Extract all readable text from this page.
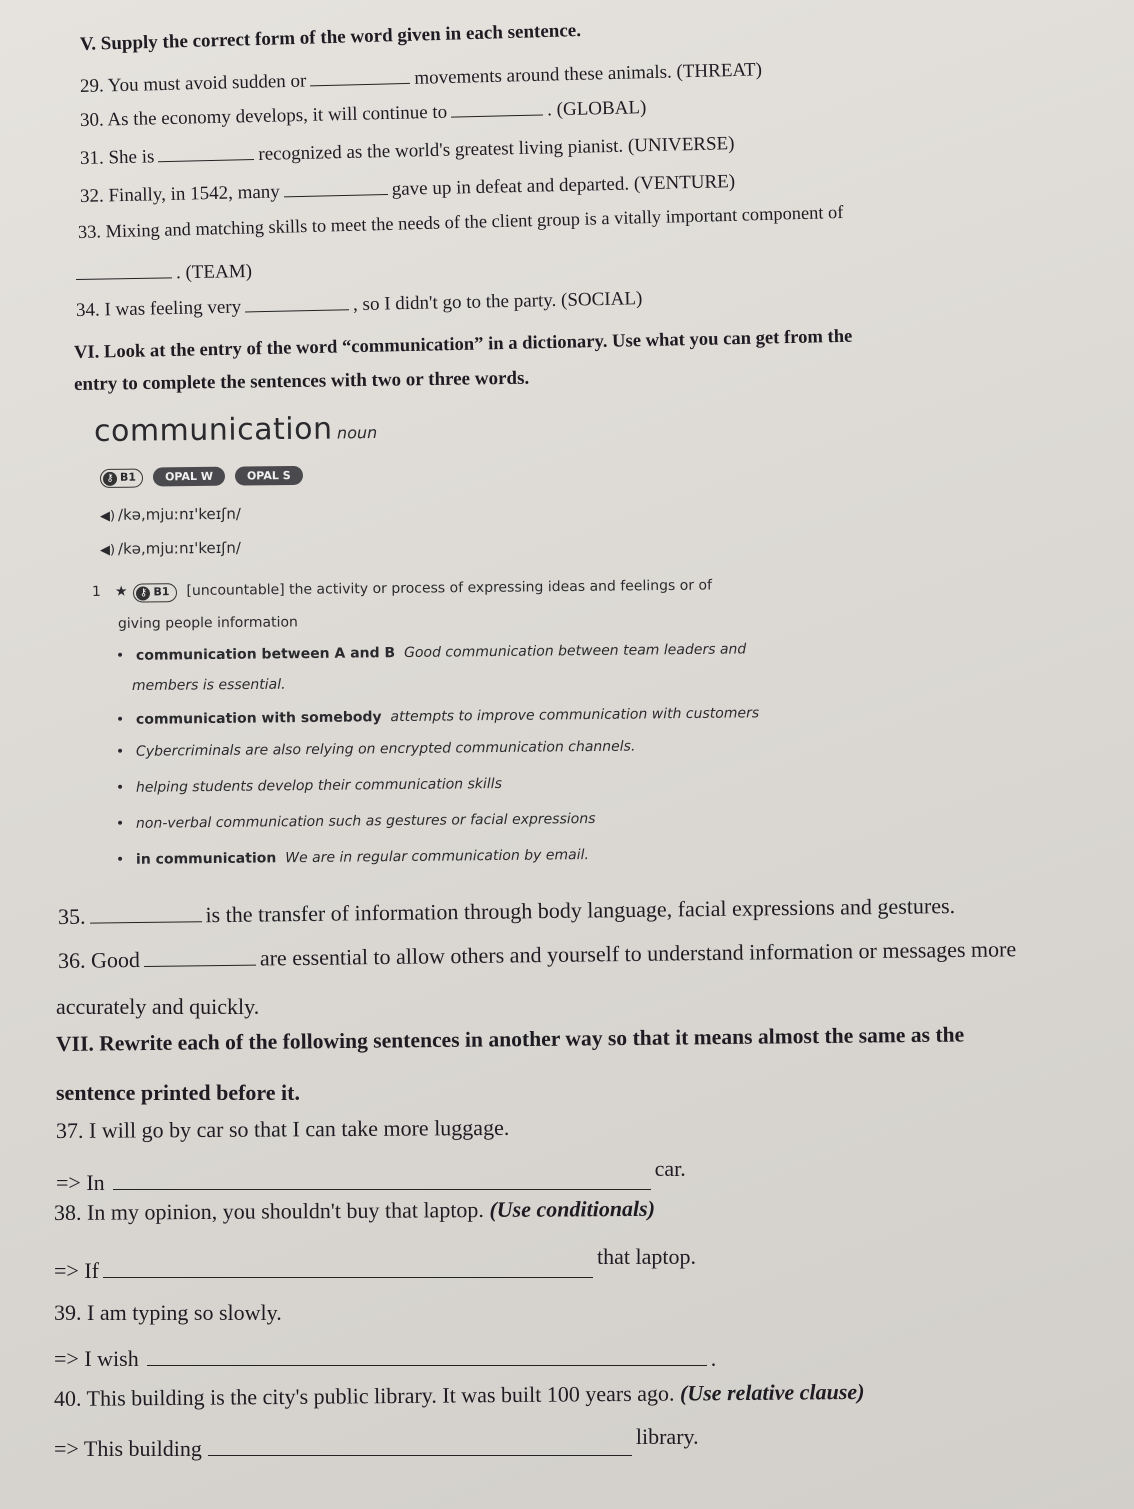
V. Supply the correct form of the word given in each sentence.
29. You must avoid sudden or	movements around these animals. (THREAT)
30. As the economy develops, it will continue to	. (GLOBAL)
31. She is	recognized as the world's greatest living pianist. (UNIVERSE)
32. Finally, in 1542, many	gave up in defeat and departed. (VENTURE)
33. Mixing and matching skills to meet the needs of the client group is a vitally important component of
. (TEAM)
34. I was feeling very	, so I didn't go to the party. (SOCIAL)
VI. Look at the entry of the word “communication” in a dictionary. Use what you can get from the
entry to complete the sentences with two or three words.
communication noun
⚷ B1	OPAL W	OPAL S
◀) /kə,mjuːnɪ'keɪʃn/
◀) /kə,mjuːnɪ'keɪʃn/
1 ★ ⚷ B1 [uncountable] the activity or process of expressing ideas and feelings or of
giving people information
• communication between A and B Good communication between team leaders and
members is essential.
• communication with somebody attempts to improve communication with customers
• Cybercriminals are also relying on encrypted communication channels.
• helping students develop their communication skills
• non-verbal communication such as gestures or facial expressions
• in communication We are in regular communication by email.
35.	is the transfer of information through body language, facial expressions and gestures.
36. Good	are essential to allow others and yourself to understand information or messages more
accurately and quickly.
VII. Rewrite each of the following sentences in another way so that it means almost the same as the
sentence printed before it.
37. I will go by car so that I can take more luggage.
=> Incar.
38. In my opinion, you shouldn't buy that laptop. (Use conditionals)
=> Ifthat laptop.
39. I am typing so slowly.
=> I wish	.
40. This building is the city's public library. It was built 100 years ago. (Use relative clause)
=> This building	library.
